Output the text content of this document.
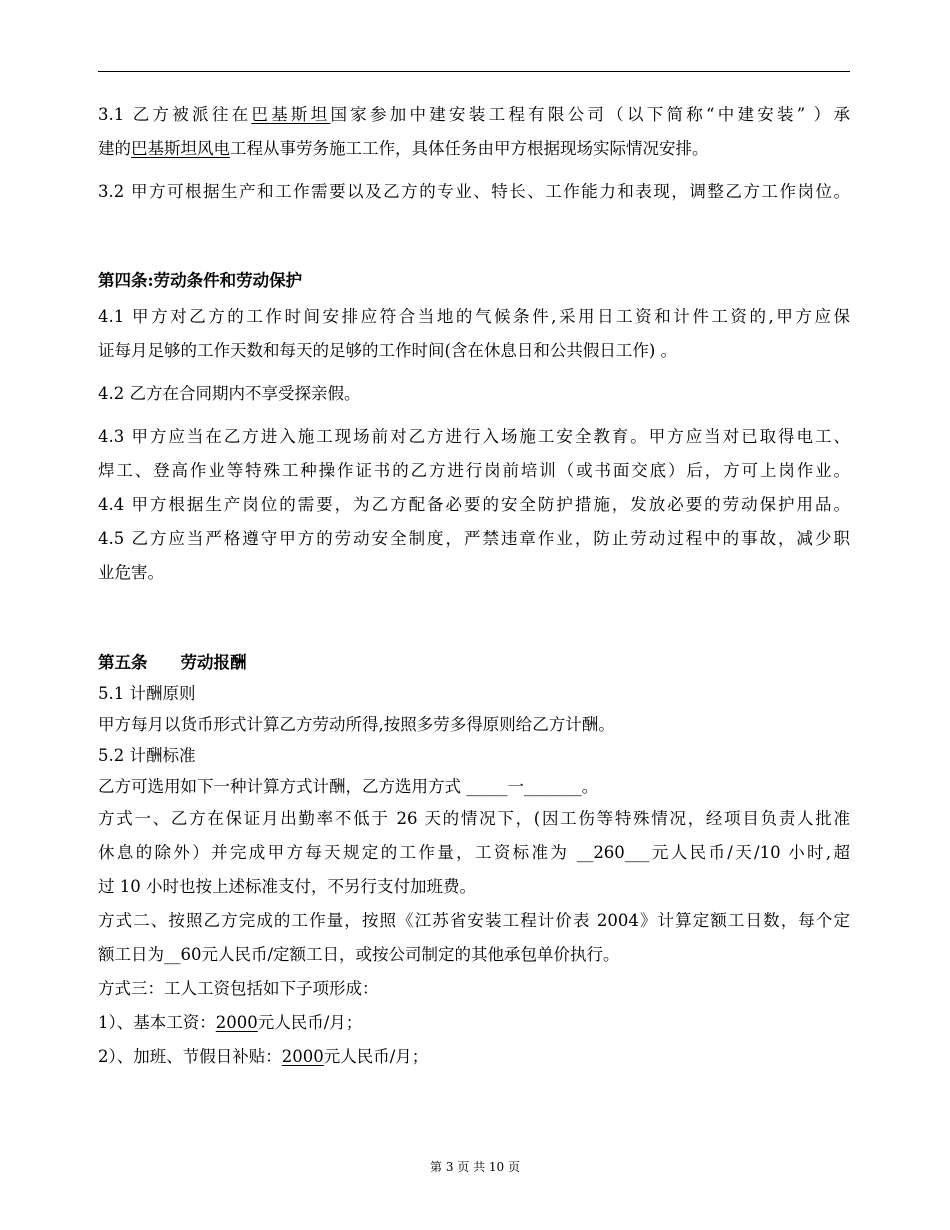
3.1 乙方被派往在巴基斯坦国家参加中建安装工程有限公司（以下简称“中建安装” ）承
建的巴基斯坦风电工程从事劳务施工工作，具体任务由甲方根据现场实际情况安排。
3.2 甲方可根据生产和工作需要以及乙方的专业、特长、工作能力和表现，调整乙方工作岗位。
第四条:劳动条件和劳动保护
4.1 甲方对乙方的工作时间安排应符合当地的气候条件,采用日工资和计件工资的,甲方应保
证每月足够的工作天数和每天的足够的工作时间(含在休息日和公共假日工作) 。
4.2 乙方在合同期内不享受探亲假。
4.3 甲方应当在乙方进入施工现场前对乙方进行入场施工安全教育。甲方应当对已取得电工、
焊工、登高作业等特殊工种操作证书的乙方进行岗前培训（或书面交底）后，方可上岗作业。
4.4 甲方根据生产岗位的需要，为乙方配备必要的安全防护措施，发放必要的劳动保护用品。
4.5 乙方应当严格遵守甲方的劳动安全制度，严禁违章作业，防止劳动过程中的事故，减少职
业危害。
第五条　　劳动报酬
5.1 计酬原则
甲方每月以货币形式计算乙方劳动所得,按照多劳多得原则给乙方计酬。
5.2 计酬标准
乙方可选用如下一种计算方式计酬，乙方选用方式 _____一_______。
方式一、乙方在保证月出勤率不低于 26 天的情况下，(因工伤等特殊情况，经项目负责人批准
休息的除外）并完成甲方每天规定的工作量，工资标准为 __260___元人民币/天/10 小时,超
过 10 小时也按上述标准支付，不另行支付加班费。
方式二、按照乙方完成的工作量，按照《江苏省安装工程计价表 2004》计算定额工日数，每个定
额工日为__60元人民币/定额工日，或按公司制定的其他承包单价执行。
方式三：工人工资包括如下子项形成：
1）、基本工资：2000元人民币/月；
2）、加班、节假日补贴：2000元人民币/月；
第 3 页 共 10 页
